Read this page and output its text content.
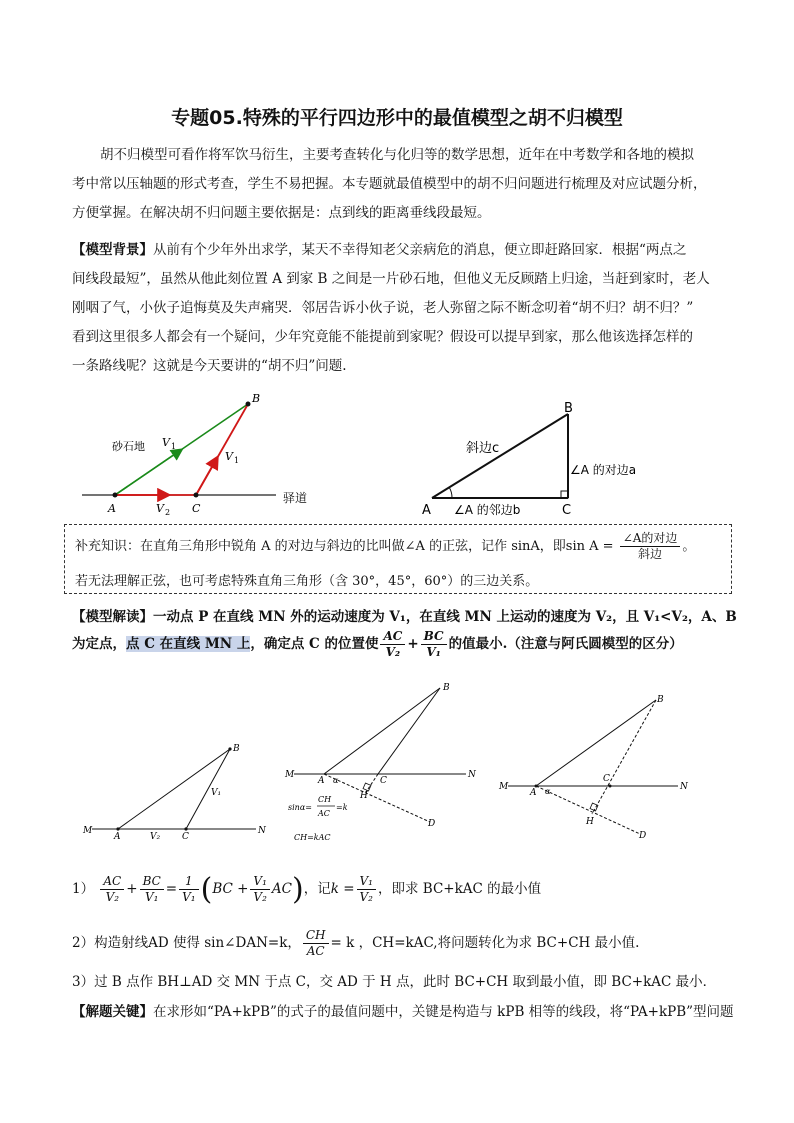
专题05.特殊的平行四边形中的最值模型之胡不归模型
胡不归模型可看作将军饮马衍生，主要考查转化与化归等的数学思想，近年在中考数学和各地的模拟
考中常以压轴题的形式考查，学生不易把握。本专题就最值模型中的胡不归问题进行梳理及对应试题分析，
方便掌握。在解决胡不归问题主要依据是：点到线的距离垂线段最短。
【模型背景】从前有个少年外出求学，某天不幸得知老父亲病危的消息，便立即赶路回家．根据“两点之
间线段最短”，虽然从他此刻位置 A 到家 B 之间是一片砂石地，但他义无反顾踏上归途，当赶到家时，老人
刚咽了气，小伙子追悔莫及失声痛哭．邻居告诉小伙子说，老人弥留之际不断念叨着“胡不归？胡不归？”
看到这里很多人都会有一个疑问，少年究竟能不能提前到家呢？假设可以提早到家，那么他该选择怎样的
一条路线呢？这就是今天要讲的“胡不归”问题.
砂石地
A	C
B
V 1
V 1
V 2
驿道
B
A	C
斜边c
∠A 的对边a
∠A 的邻边b
补充知识：在直角三角形中锐角 A 的对边与斜边的比叫做∠A 的正弦，记作 sinA，即$\sin A = \frac{\text{∠A的对边}}{\text{斜边}}$ 。
若无法理解正弦，也可考虑特殊直角三角形（含 30°，45°，60°）的三边关系。
【模型解读】一动点 P 在直线 MN 外的运动速度为 V₁，在直线 MN 上运动的速度为 V₂，且 V₁<V₂，A、B
为定点，点 C 在直线 MN 上，确定点 C 的位置使 $\frac{AC}{\text{V₂}} + \frac{BC}{\text{V₁}}$ 的值最小.（注意与阿氏圆模型的区分）
M	N
A	C
B
V₁
V₂
M	N
A α	C
B
H
D
sinα=
CH
AC
=k
CH=kAC
M	N
A α
C
B
H
D
$1) \frac{AC}{\text{V₂}} + \frac{BC}{\text{V₁}} = \frac{1}{\text{V₁}} (BC + \frac{\text{V₁}}{\text{V₂}} AC)$，记$k = \frac{\text{V₁}}{\text{V₂}}$ ，即求 BC+kAC 的最小值
2）构造射线AD 使得 sin∠DAN=k， $\frac{CH}{AC} = k$ ，CH=kAC,将问题转化为求 BC+CH 最小值.
3）过 B 点作 BH⊥AD 交 MN 于点 C，交 AD 于 H 点，此时 BC+CH 取到最小值，即 BC+kAC 最小．
【解题关键】在求形如“PA+kPB”的式子的最值问题中，关键是构造与 kPB 相等的线段，将“PA+kPB”型问题
